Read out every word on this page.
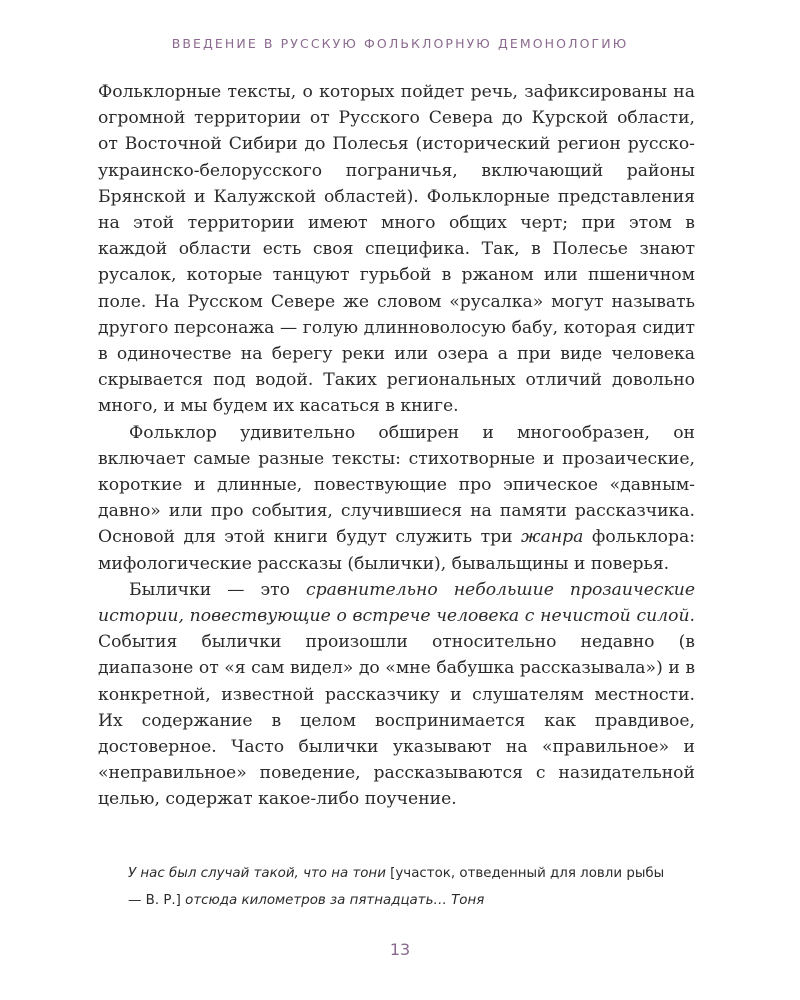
ВВЕДЕНИЕ В РУССКУЮ ФОЛЬКЛОРНУЮ ДЕМОНОЛОГИЮ

Фольклорные тексты, о которых пойдет речь, зафиксированы на огромной территории от Русского Севера до Курской области, от Восточной Сибири до Полесья (исторический регион русско-украинско-белорусского пограничья, включающий районы Брянской и Калужской областей). Фольклорные представления на этой территории имеют много общих черт; при этом в каждой области есть своя специфика. Так, в Полесье знают русалок, которые танцуют гурьбой в ржаном или пшеничном поле. На Русском Севере же словом «русалка» могут называть другого персонажа — голую длинноволосую бабу, которая сидит в одиночестве на берегу реки или озера а при виде человека скрывается под водой. Таких региональных отличий довольно много, и мы будем их касаться в книге.

Фольклор удивительно обширен и многообразен, он включает самые разные тексты: стихотворные и прозаические, короткие и длинные, повествующие про эпическое «давным-давно» или про события, случившиеся на памяти рассказчика. Основой для этой книги будут служить три жанра фольклора: мифологические рассказы (былички), бывальщины и поверья.

Былички — это сравнительно небольшие прозаические истории, повествующие о встрече человека с нечистой силой. События былички произошли относительно недавно (в диапазоне от «я сам видел» до «мне бабушка рассказывала») и в конкретной, известной рассказчику и слушателям местности. Их содержание в целом воспринимается как правдивое, достоверное. Часто былички указывают на «правильное» и «неправильное» поведение, рассказываются с назидательной целью, содержат какое-либо поучение.

У нас был случай такой, что на тони [участок, отведенный для ловли рыбы — В. Р.] отсюда километров за пятнадцать… Тоня
13
